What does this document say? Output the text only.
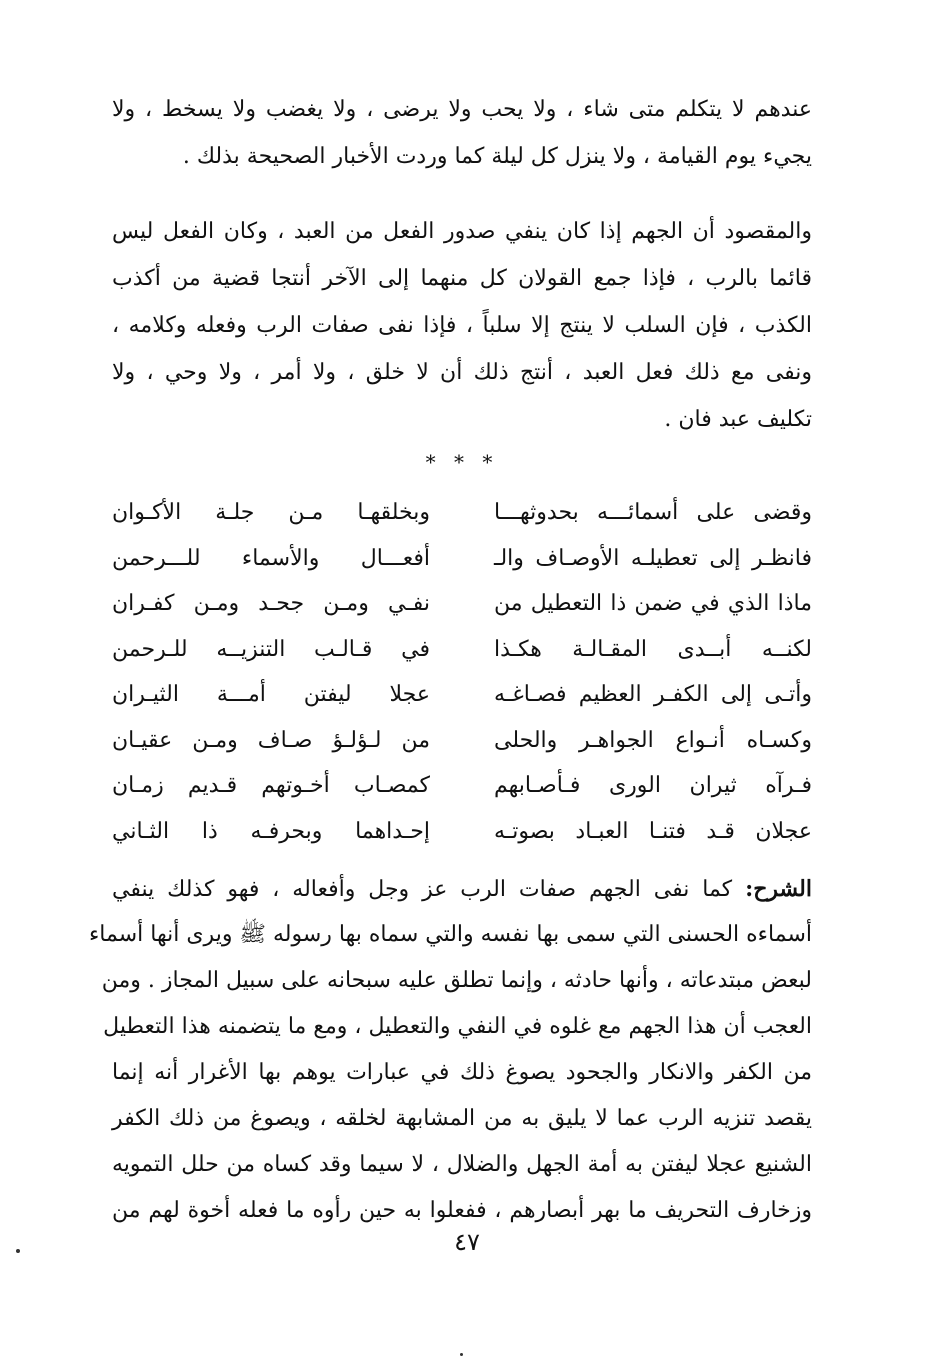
عندهم لا يتكلم متى شاء ، ولا يحب ولا يرضى ، ولا يغضب ولا يسخط ، ولا
يجيء يوم القيامة ، ولا ينزل كل ليلة كما وردت الأخبار الصحيحة بذلك .
والمقصود أن الجهم إذا كان ينفي صدور الفعل من العبد ، وكان الفعل ليس
قائما بالرب ، فإذا جمع القولان كل منهما إلى الآخر أنتجا قضية من أكذب
الكذب ، فإن السلب لا ينتج إلا سلباً ، فإذا نفى صفات الرب وفعله وكلامه ،
ونفى مع ذلك فعل العبد ، أنتج ذلك أن لا خلق ، ولا أمر ، ولا وحي ، ولا
تكليف عبد فان .
* * *
وقضى على أسمائـــه بحدوثهـــا
وبخلقهـا مـن جلـة الأكـوان
فانظـر إلى تعطيلـه الأوصـاف والـ
أفعـــال والأسماء للـــرحمن
ماذا الذي في ضمن ذا التعطيل من
نفـي ومـن جحـد ومـن كفـران
لكنــه أبــدى المقـالـة هكـذا
في قـالـب التنزيــه للـرحمن
وأتـى إلى الكفـر العظيم فصـاغـه
عجلا ليفتن أمـــة الثيـران
وكسـاه أنـواع الجواهـر والحلى
من لـؤلـؤ صـاف ومـن عقيـان
فـرآه ثيران الورى فـأصـابهم
كمصـاب أخـوتهم قـديم زمـان
عجلان قـد فتنـا العبـاد بصوتـه
إحـداهما وبحرفـه ذا الثـاني
الشرح: كما نفى الجهم صفات الرب عز وجل وأفعاله ، فهو كذلك ينفي
أسماءه الحسنى التي سمى بها نفسه والتي سماه بها رسوله ﷺ ويرى أنها أسماء
لبعض مبتدعاته ، وأنها حادثه ، وإنما تطلق عليه سبحانه على سبيل المجاز . ومن
العجب أن هذا الجهم مع غلوه في النفي والتعطيل ، ومع ما يتضمنه هذا التعطيل
من الكفر والانكار والجحود يصوغ ذلك في عبارات يوهم بها الأغرار أنه إنما
يقصد تنزيه الرب عما لا يليق به من المشابهة لخلقه ، ويصوغ من ذلك الكفر
الشنيع عجلا ليفتن به أمة الجهل والضلال ، لا سيما وقد كساه من حلل التمويه
وزخارف التحريف ما بهر أبصارهم ، ففعلوا به حين رأوه ما فعله أخوة لهم من
٤٧
